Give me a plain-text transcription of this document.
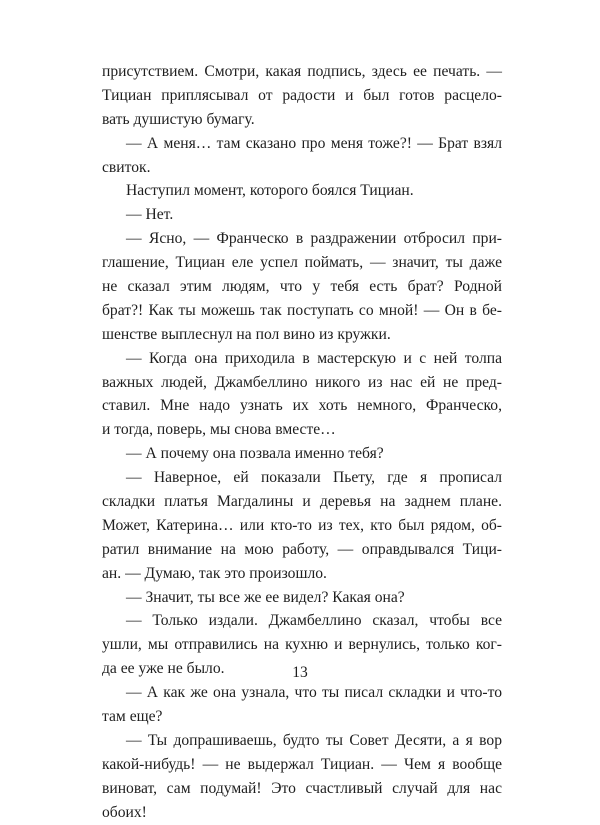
присутствием. Смотри, какая подпись, здесь ее печать. —
Тициан приплясывал от радости и был готов расцело-
вать душистую бумагу.
— А меня… там сказано про меня тоже?! — Брат взял
свиток.
Наступил момент, которого боялся Тициан.
— Нет.
— Ясно, — Франческо в раздражении отбросил при-
глашение, Тициан еле успел поймать, — значит, ты даже
не сказал этим людям, что у тебя есть брат? Родной
брат?! Как ты можешь так поступать со мной! — Он в бе-
шенстве выплеснул на пол вино из кружки.
— Когда она приходила в мастерскую и с ней толпа
важных людей, Джамбеллино никого из нас ей не пред-
ставил. Мне надо узнать их хоть немного, Франческо,
и тогда, поверь, мы снова вместе…
— А почему она позвала именно тебя?
— Наверное, ей показали Пьету, где я прописал
складки платья Магдалины и деревья на заднем плане.
Может, Катерина… или кто-то из тех, кто был рядом, об-
ратил внимание на мою работу, — оправдывался Тици-
ан. — Думаю, так это произошло.
— Значит, ты все же ее видел? Какая она?
— Только издали. Джамбеллино сказал, чтобы все
ушли, мы отправились на кухню и вернулись, только ког-
да ее уже не было.
— А как же она узнала, что ты писал складки и что-то
там еще?
— Ты допрашиваешь, будто ты Совет Десяти, а я вор
какой-нибудь! — не выдержал Тициан. — Чем я вообще
виноват, сам подумай! Это счастливый случай для нас
обоих!
13
